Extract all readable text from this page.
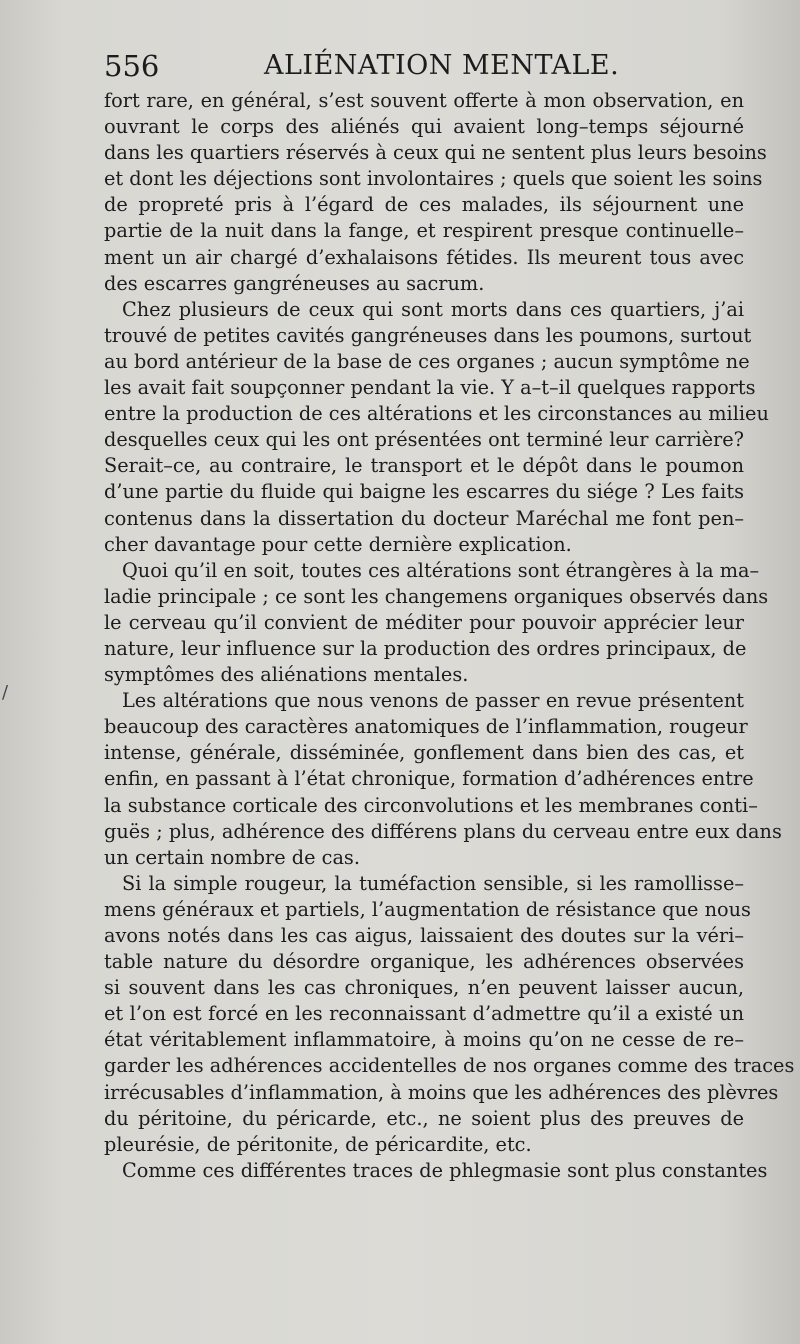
556	ALIÉNATION MENTALE.
/
fort rare, en général, s’est souvent offerte à mon observation, en
ouvrant le corps des aliénés qui avaient long–temps séjourné
dans les quartiers réservés à ceux qui ne sentent plus leurs besoins
et dont les déjections sont involontaires ; quels que soient les soins
de propreté pris à l’égard de ces malades, ils séjournent une
partie de la nuit dans la fange, et respirent presque continuelle–
ment un air chargé d’exhalaisons fétides. Ils meurent tous avec
des escarres gangréneuses au sacrum.
Chez plusieurs de ceux qui sont morts dans ces quartiers, j’ai
trouvé de petites cavités gangréneuses dans les poumons, surtout
au bord antérieur de la base de ces organes ; aucun symptôme ne
les avait fait soupçonner pendant la vie. Y a–t–il quelques rapports
entre la production de ces altérations et les circonstances au milieu
desquelles ceux qui les ont présentées ont terminé leur carrière?
Serait–ce, au contraire, le transport et le dépôt dans le poumon
d’une partie du fluide qui baigne les escarres du siége ? Les faits
contenus dans la dissertation du docteur Maréchal me font pen–
cher davantage pour cette dernière explication.
Quoi qu’il en soit, toutes ces altérations sont étrangères à la ma–
ladie principale ; ce sont les changemens organiques observés dans
le cerveau qu’il convient de méditer pour pouvoir apprécier leur
nature, leur influence sur la production des ordres principaux, de
symptômes des aliénations mentales.
Les altérations que nous venons de passer en revue présentent
beaucoup des caractères anatomiques de l’inflammation, rougeur
intense, générale, disséminée, gonflement dans bien des cas, et
enfin, en passant à l’état chronique, formation d’adhérences entre
la substance corticale des circonvolutions et les membranes conti–
guës ; plus, adhérence des différens plans du cerveau entre eux dans
un certain nombre de cas.
Si la simple rougeur, la tuméfaction sensible, si les ramollisse–
mens généraux et partiels, l’augmentation de résistance que nous
avons notés dans les cas aigus, laissaient des doutes sur la véri–
table nature du désordre organique, les adhérences observées
si souvent dans les cas chroniques, n’en peuvent laisser aucun,
et l’on est forcé en les reconnaissant d’admettre qu’il a existé un
état véritablement inflammatoire, à moins qu’on ne cesse de re–
garder les adhérences accidentelles de nos organes comme des traces
irrécusables d’inflammation, à moins que les adhérences des plèvres
du péritoine, du péricarde, etc., ne soient plus des preuves de
pleurésie, de péritonite, de péricardite, etc.
Comme ces différentes traces de phlegmasie sont plus constantes
